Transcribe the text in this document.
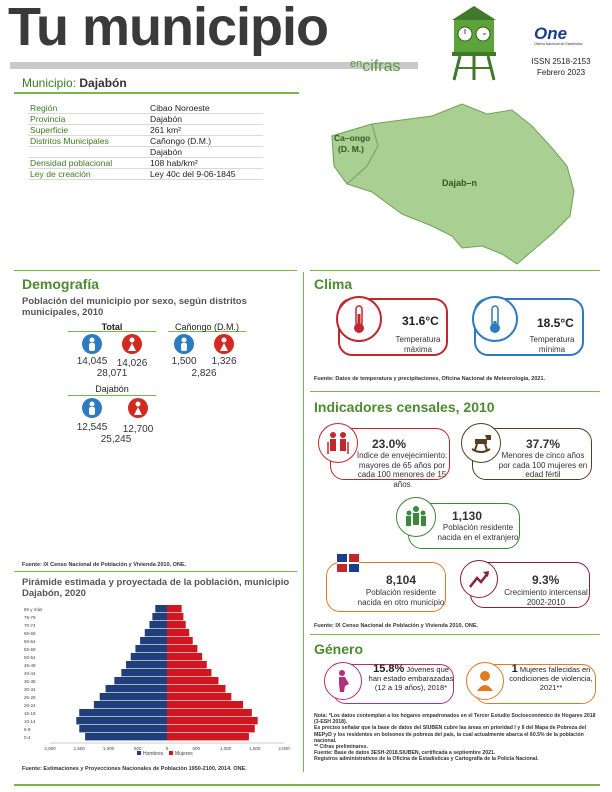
Tu municipio
$^{en}$cifras
One
Oficina Nacional de Estadística
ISSN 2518-2153
Febrero 2023
Municipio: Dajabón
Región	Cibao Noroeste
Provincia	Dajabón
Superficie	261 km²
Distritos Municipales	Cañongo (D.M.)
	Dajabón
Densidad poblacional	108 hab/km²
Ley de creación	Ley 40c del 9-06-1845
Ca–ongo
(D. M.)
Dajab–n
Demografía
Población del municipio por sexo, según distritos municipales, 2010
Total	Cañongo (D.M.)
14,045 14,026
28,071
1,500	1,326
2,826
Dajabón
12,545	12,700
25,245
Fuente: IX Censo Nacional de Población y Vivienda 2010, ONE.
Pirámide estimada y proyectada de la población, municipio Dajabón, 2020
80 y más
75-79
70-74
65-69
60-64
55-59
50-54
45-49
40-44
35-39
30-34
25-29
20-24
15-19
10-14
5-9
0-4
2,000	1,500	1,000	500	0	500	1,000	1,500	2,000
Hombres Mujeres
Fuente: Estimaciones y Proyecciones Nacionales de Población 1950-2100, 2014. ONE.
Clima
31.6°C
Temperatura
máxima
18.5°C
Temperatura
mínima
Fuente: Datos de temperatura y precipitaciones, Oficina Nacional de Meteorología, 2021.
Indicadores censales, 2010
23.0%
Índice de envejecimiento: mayores de 65 años por cada 100 menores de 15 años
37.7%
Menores de cinco años por cada 100 mujeres en edad fértil
1,130
Población residente nacida en el extranjero
8,104
Población residente nacida en otro municipio
9.3%
Crecimiento intercensal 2002-2010
Fuente: IX Censo Nacional de Población y Vivienda 2010, ONE.
Género
15.8% Jóvenes que han estado embarazadas (12 a 19 años), 2018*
1 Mujeres fallecidas en condiciones de violencia, 2021**
Nota: *Los datos contemplan a los hogares empadronados en el Tercer Estudio Socioeconómico de Hogares 2018 (3-ESH 2018).
Es preciso señalar que la base de datos del SIUBEN cubre las áreas en prioridad I y II del Mapa de Pobreza del MEPyD y los residentes en bolsones de pobreza del país, la cual actualmente abarca el 60.5% de la población nacional.
** Cifras preliminares.
Fuente: Base de datos 3ESH-2018.SIUBEN, certificada a septiembre 2021.
Registros administrativos de la Oficina de Estadísticas y Cartografía de la Policía Nacional.
